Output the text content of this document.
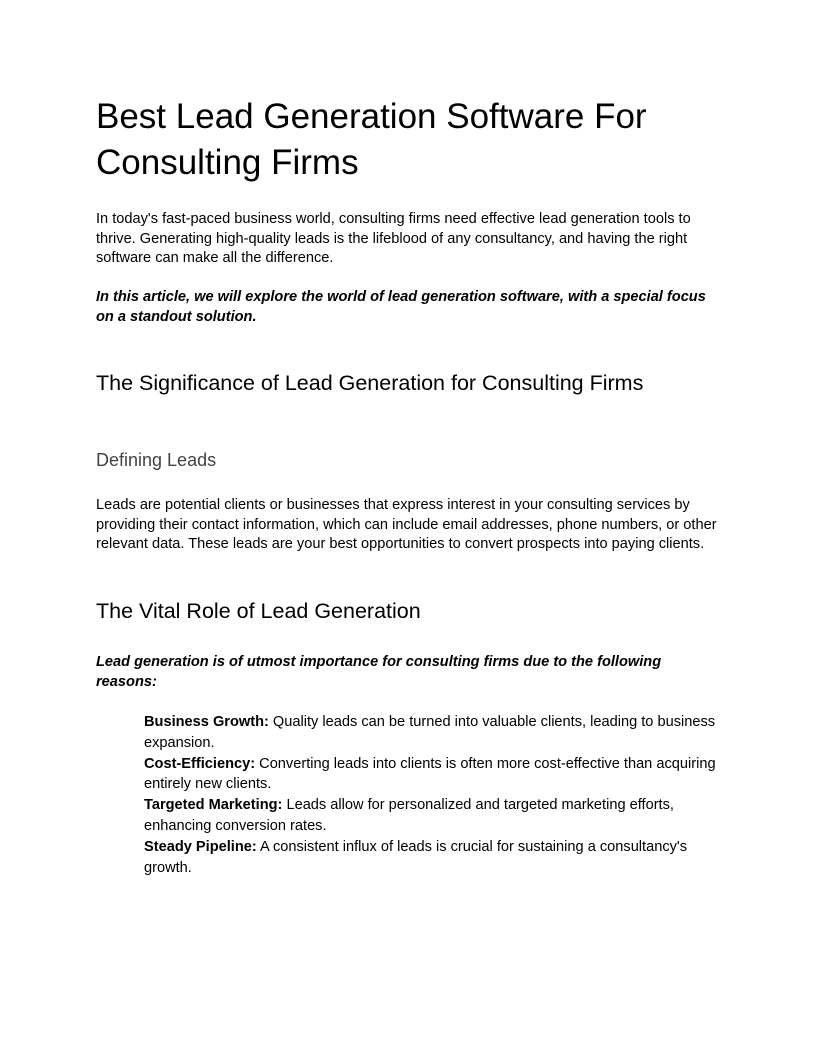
Best Lead Generation Software For Consulting Firms

In today's fast-paced business world, consulting firms need effective lead generation tools to thrive. Generating high-quality leads is the lifeblood of any consultancy, and having the right software can make all the difference.

In this article, we will explore the world of lead generation software, with a special focus on a standout solution.

The Significance of Lead Generation for Consulting Firms
Defining Leads

Leads are potential clients or businesses that express interest in your consulting services by providing their contact information, which can include email addresses, phone numbers, or other relevant data. These leads are your best opportunities to convert prospects into paying clients.

The Vital Role of Lead Generation

Lead generation is of utmost importance for consulting firms due to the following reasons:

Business Growth: Quality leads can be turned into valuable clients, leading to business expansion.
Cost-Efficiency: Converting leads into clients is often more cost-effective than acquiring entirely new clients.
Targeted Marketing: Leads allow for personalized and targeted marketing efforts, enhancing conversion rates.
Steady Pipeline: A consistent influx of leads is crucial for sustaining a consultancy's growth.
